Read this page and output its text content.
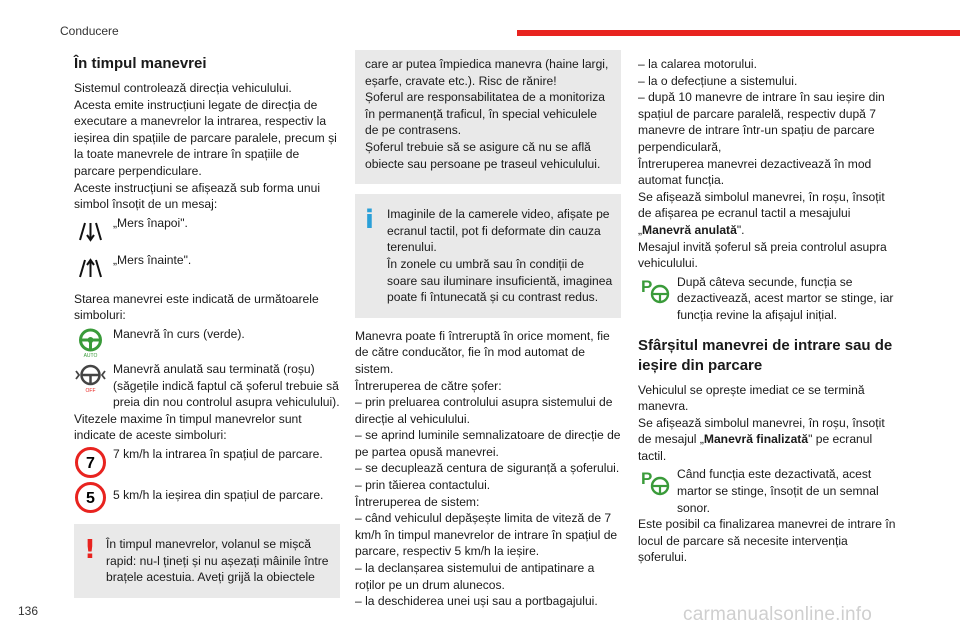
Conducere
În timpul manevrei

Sistemul controlează direcția vehiculului.
Acesta emite instrucțiuni legate de direcția de executare a manevrelor la intrarea, respectiv la ieșirea din spațiile de parcare paralele, precum și la toate manevrele de intrare în spațiile de parcare perpendiculare.
Aceste instrucțiuni se afișează sub forma unui simbol însoțit de un mesaj:

„Mers înapoi".
„Mers înainte".

Starea manevrei este indicată de următoarele simboluri:

AUTO
Manevră în curs (verde).
OFF
Manevră anulată sau terminată (roșu) (săgețile indică faptul că șoferul trebuie să preia din nou controlul asupra vehiculului).

Vitezele maxime în timpul manevrelor sunt indicate de aceste simboluri:

7
7 km/h la intrarea în spațiul de parcare.
5 5 km/h la ieșirea din spațiul de parcare.
! În timpul manevrelor, volanul se mișcă rapid: nu-l țineți și nu așezați mâinile între brațele acestuia. Aveți grijă la obiectele

care ar putea împiedica manevra (haine largi, eșarfe, cravate etc.). Risc de rănire!
Șoferul are responsabilitatea de a monitoriza în permanență traficul, în special vehiculele de pe contrasens.
Șoferul trebuie să se asigure că nu se află obiecte sau persoane pe traseul vehiculului.

i	Imaginile de la camerele video, afișate pe ecranul tactil, pot fi deformate din cauza terenului.
În zonele cu umbră sau în condiții de soare sau iluminare insuficientă, imaginea poate fi întunecată și cu contrast redus.

Manevra poate fi întreruptă în orice moment, fie de către conducător, fie în mod automat de sistem.
Întreruperea de către șofer:
– prin preluarea controlului asupra sistemului de direcție al vehiculului.
– se aprind luminile semnalizatoare de direcție de pe partea opusă manevrei.
– se decuplează centura de siguranță a șoferului.
– prin tăierea contactului.
Întreruperea de sistem:
– când vehiculul depășește limita de viteză de 7 km/h în timpul manevrelor de intrare în spațiul de parcare, respectiv 5 km/h la ieșire.
– la declanșarea sistemului de antipatinare a roților pe un drum alunecos.
– la deschiderea unei uși sau a portbagajului.

– la calarea motorului.
– la o defecțiune a sistemului.
– după 10 manevre de intrare în sau ieșire din spațiul de parcare paralelă, respectiv după 7 manevre de intrare într-un spațiu de parcare perpendiculară,
Întreruperea manevrei dezactivează în mod automat funcția.
Se afișează simbolul manevrei, în roșu, însoțit de afișarea pe ecranul tactil a mesajului

„Manevră anulată".

Mesajul invită șoferul să preia controlul asupra vehiculului.

P După câteva secunde, funcția se dezactivează, acest martor se stinge, iar funcția revine la afișajul inițial.
Sfârșitul manevrei de intrare sau de ieșire din parcare

Vehiculul se oprește imediat ce se termină manevra.
Se afișează simbolul manevrei, în roșu, însoțit de mesajul „Manevră finalizată" pe ecranul tactil.

P Când funcția este dezactivată, acest martor se stinge, însoțit de un semnal sonor.

Este posibil ca finalizarea manevrei de intrare în locul de parcare să necesite intervenția șoferului.

136	carmanualsonline.info
